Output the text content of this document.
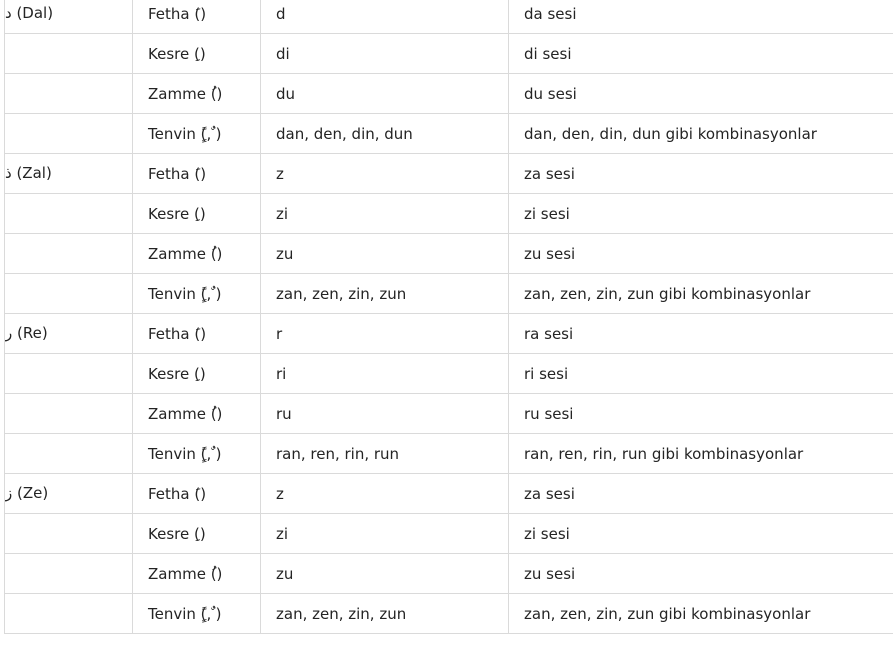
د (Dal)	Fetha (َ)	d	da sesi
	Kesre (ِ)	di	di sesi
	Zamme (ُ)	du	du sesi
	Tenvin (ًٍ, ٌ)	dan, den, din, dun	dan, den, din, dun gibi kombinasyonlar
ذ (Zal)	Fetha (َ)	z	za sesi
	Kesre (ِ)	zi	zi sesi
	Zamme (ُ)	zu	zu sesi
	Tenvin (ًٍ, ٌ)	zan, zen, zin, zun	zan, zen, zin, zun gibi kombinasyonlar
ر (Re)	Fetha (َ)	r	ra sesi
	Kesre (ِ)	ri	ri sesi
	Zamme (ُ)	ru	ru sesi
	Tenvin (ًٍ, ٌ)	ran, ren, rin, run	ran, ren, rin, run gibi kombinasyonlar
ز (Ze)	Fetha (َ)	z	za sesi
	Kesre (ِ)	zi	zi sesi
	Zamme (ُ)	zu	zu sesi
	Tenvin (ًٍ, ٌ)	zan, zen, zin, zun	zan, zen, zin, zun gibi kombinasyonlar
